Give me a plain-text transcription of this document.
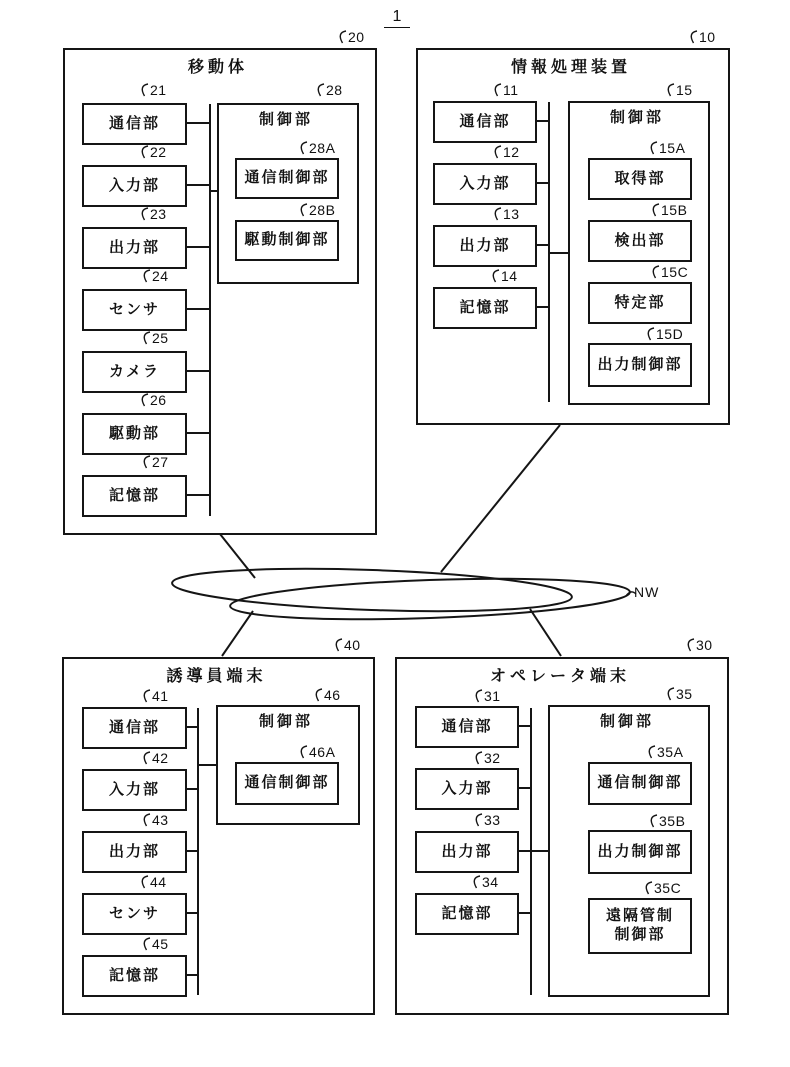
1
移動体
通信部
入力部
出力部
センサ
カメラ
駆動部
記憶部
制御部
通信制御部
駆動制御部
情報処理装置
通信部
入力部
出力部
記憶部
制御部
取得部
検出部
特定部
出力制御部
誘導員端末
通信部
入力部
出力部
センサ
記憶部
制御部
通信制御部
オペレータ端末
通信部
入力部
出力部
記憶部
制御部
通信制御部
出力制御部
遠隔管制
制御部
20	10
40	30
21
22
23
24
25
26
27
28
28A
28B
11
12
13
14
15
15A
15B
15C
15D
41
42
43
44
45
46
46A
31
32
33
34
35
35A
35B
35C
NW
